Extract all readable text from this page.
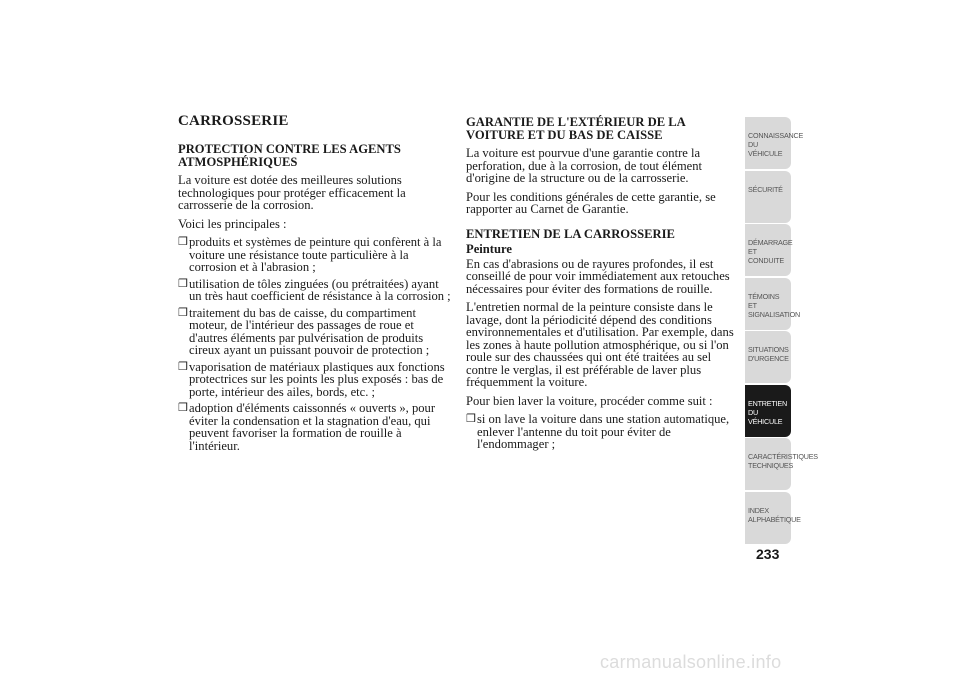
CARROSSERIE
PROTECTION CONTRE LES AGENTS ATMOSPHÉRIQUES

La voiture est dotée des meilleures solutions technologiques pour protéger efficacement la carrosserie de la corrosion.

Voici les principales :

❒ produits et systèmes de peinture qui confèrent à la voiture une résistance toute particulière à la corrosion et à l'abrasion ;
❒ utilisation de tôles zinguées (ou prétraitées) ayant un très haut coefficient de résistance à la corrosion ;
❒ traitement du bas de caisse, du compartiment moteur, de l'intérieur des passages de roue et d'autres éléments par pulvérisation de produits cireux ayant un puissant pouvoir de protection ;
❒ vaporisation de matériaux plastiques aux fonctions protectrices sur les points les plus exposés : bas de porte, intérieur des ailes, bords, etc. ;
❒ adoption d'éléments caissonnés « ouverts », pour éviter la condensation et la stagnation d'eau, qui peuvent favoriser la formation de rouille à l'intérieur.
GARANTIE DE L'EXTÉRIEUR DE LA VOITURE ET DU BAS DE CAISSE

La voiture est pourvue d'une garantie contre la perforation, due à la corrosion, de tout élément d'origine de la structure ou de la carrosserie.

Pour les conditions générales de cette garantie, se rapporter au Carnet de Garantie.

ENTRETIEN DE LA CARROSSERIE
Peinture

En cas d'abrasions ou de rayures profondes, il est conseillé de pour voir immédiatement aux retouches nécessaires pour éviter des formations de rouille.

L'entretien normal de la peinture consiste dans le lavage, dont la périodicité dépend des conditions environnementales et d'utilisation. Par exemple, dans les zones à haute pollution atmosphérique, ou si l'on roule sur des chaussées qui ont été traitées au sel contre le verglas, il est préférable de laver plus fréquemment la voiture.

Pour bien laver la voiture, procéder comme suit :

❒ si on lave la voiture dans une station automatique, enlever l'antenne du toit pour éviter de l'endommager ;
CONNAISSANCE DU VÉHICULE
SÉCURITÉ
DÉMARRAGE ET CONDUITE
TÉMOINS ET SIGNALISATION
SITUATIONS D'URGENCE
ENTRETIEN DU VÉHICULE
CARACTÉRISTIQUES TECHNIQUES
INDEX ALPHABÉTIQUE
233
carmanualsonline.info
